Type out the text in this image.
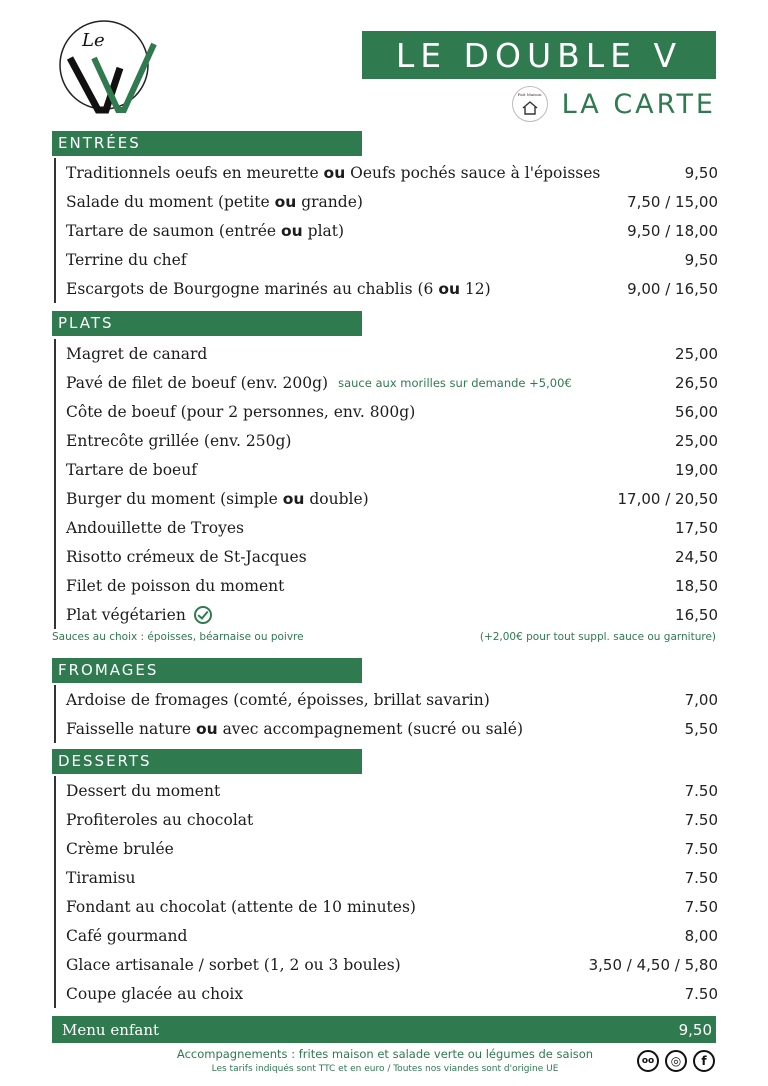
Le	LE DOUBLE V
Fait Maison LA CARTE
ENTRÉES
Traditionnels oeufs en meurette ou Oeufs pochés sauce à l'époisses	9,50
Salade du moment (petite ou grande)	7,50 / 15,00
Tartare de saumon (entrée ou plat)	9,50 / 18,00
Terrine du chef	9,50
Escargots de Bourgogne marinés au chablis (6 ou 12)	9,00 / 16,50
PLATS
Magret de canard	25,00
Pavé de filet de boeuf (env. 200g) sauce aux morilles sur demande +5,00€	26,50
Côte de boeuf (pour 2 personnes, env. 800g)	56,00
Entrecôte grillée (env. 250g)	25,00
Tartare de boeuf	19,00
Burger du moment (simple ou double)	17,00 / 20,50
Andouillette de Troyes	17,50
Risotto crémeux de St-Jacques	24,50
Filet de poisson du moment	18,50
Plat végétarien	16,50
Sauces au choix : époisses, béarnaise ou poivre	(+2,00€ pour tout suppl. sauce ou garniture)
FROMAGES
Ardoise de fromages (comté, époisses, brillat savarin)	7,00
Faisselle nature ou avec accompagnement (sucré ou salé)	5,50
DESSERTS
Dessert du moment	7.50
Profiteroles au chocolat	7.50
Crème brulée	7.50
Tiramisu	7.50
Fondant au chocolat (attente de 10 minutes)	7.50
Café gourmand	8,00
Glace artisanale / sorbet (1, 2 ou 3 boules)	3,50 / 4,50 / 5,80
Coupe glacée au choix	7.50
Menu enfant	9,50
Accompagnements : frites maison et salade verte ou légumes de saison
Les tarifs indiqués sont TTC et en euro / Toutes nos viandes sont d'origine UE
oo	◎	f
